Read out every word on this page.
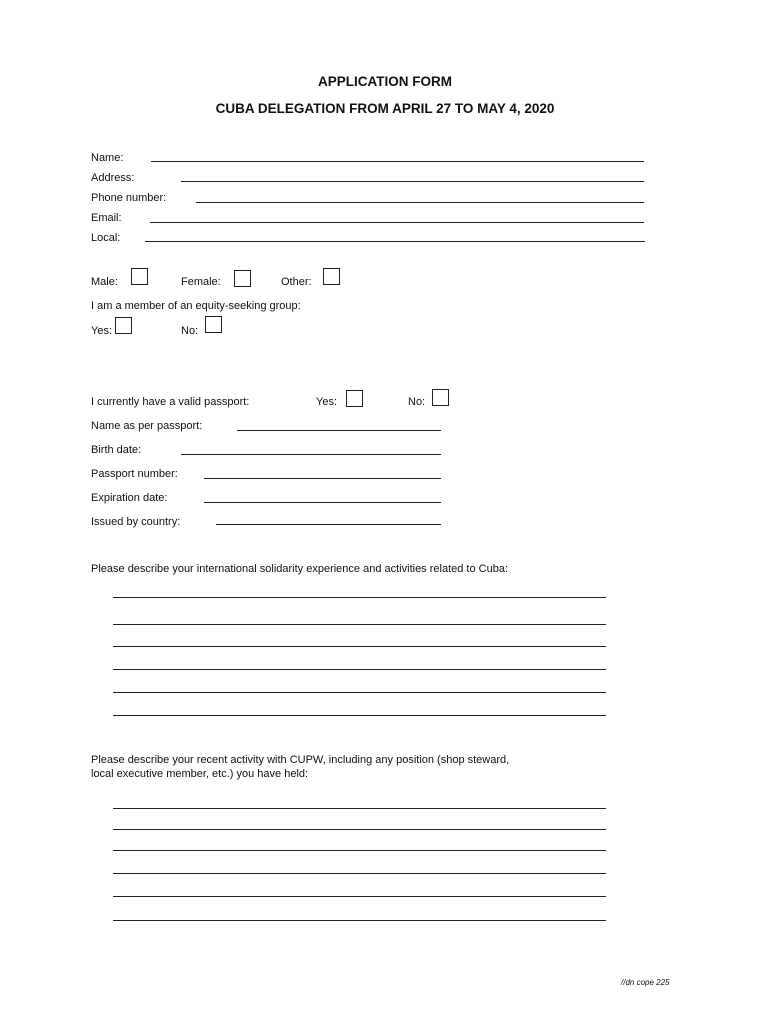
APPLICATION FORM
CUBA DELEGATION FROM APRIL 27 TO MAY 4, 2020
Name:
Address:
Phone number:
Email:
Local:
Male:	Female:	Other:
I am a member of an equity-seeking group:
Yes:	No:
I currently have a valid passport:	Yes:	No:
Name as per passport:
Birth date:
Passport number:
Expiration date:
Issued by country:
Please describe your international solidarity experience and activities related to Cuba:
Please describe your recent activity with CUPW, including any position (shop steward,
local executive member, etc.) you have held:
//dn cope 225
